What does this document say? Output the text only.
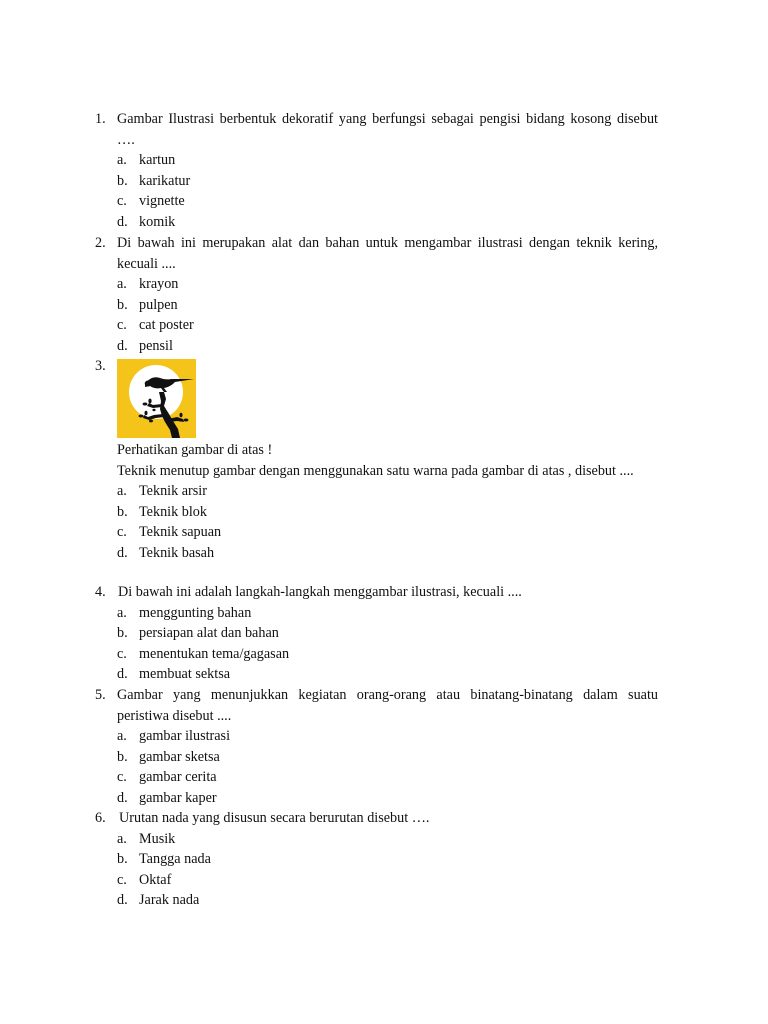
1. Gambar Ilustrasi berbentuk dekoratif yang berfungsi sebagai pengisi bidang kosong disebut ….
a. kartun
b. karikatur
c. vignette
d. komik
2. Di bawah ini merupakan alat dan bahan untuk mengambar ilustrasi dengan teknik kering, kecuali ....
a. krayon
b. pulpen
c. cat poster
d. pensil
3.
Perhatikan gambar di atas !
Teknik menutup gambar dengan menggunakan satu warna pada gambar di atas , disebut ....
a. Teknik arsir
b. Teknik blok
c. Teknik sapuan
d. Teknik basah
4. Di bawah ini adalah langkah-langkah menggambar ilustrasi, kecuali ....
a. menggunting bahan
b. persiapan alat dan bahan
c. menentukan tema/gagasan
d. membuat sektsa
5. Gambar yang menunjukkan kegiatan orang-orang atau binatang-binatang dalam suatu peristiwa disebut ....
a. gambar ilustrasi
b. gambar sketsa
c. gambar cerita
d. gambar kaper
6. Urutan nada yang disusun secara berurutan disebut ….
a. Musik
b. Tangga nada
c. Oktaf
d. Jarak nada
